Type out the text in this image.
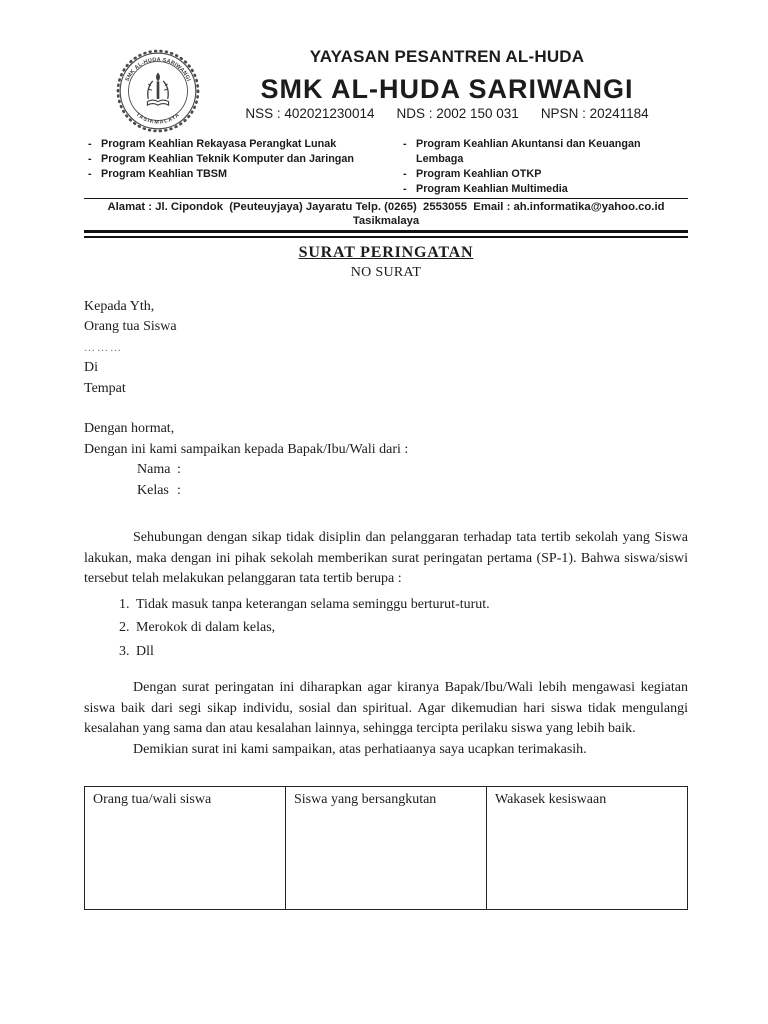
SMK AL-HUDA SARIWANGI
TASIKMALAYA
YAYASAN PESANTREN AL-HUDA
SMK AL-HUDA SARIWANGI
NSS : 402021230014 NDS : 2002 150 031 NPSN : 20241184
- Program Keahlian Rekayasa Perangkat Lunak
- Program Keahlian Teknik Komputer dan Jaringan
- Program Keahlian TBSM
- Program Keahlian Akuntansi dan Keuangan Lembaga
- Program Keahlian OTKP
- Program Keahlian Multimedia
Alamat : Jl. Cipondok  (Peuteuyjaya) Jayaratu Telp. (0265)  2553055  Email : ah.informatika@yahoo.co.id Tasikmalaya
SURAT PERINGATAN
NO SURAT
Kepada Yth,
Orang tua Siswa
………
Di
Tempat

Dengan hormat,

Dengan ini kami sampaikan kepada Bapak/Ibu/Wali dari :

Nama :
Kelas :

Sehubungan dengan sikap tidak disiplin dan pelanggaran terhadap tata tertib sekolah yang Siswa lakukan, maka dengan ini pihak sekolah memberikan surat peringatan pertama (SP-1). Bahwa siswa/siswi tersebut telah melakukan pelanggaran tata tertib berupa :

1. Tidak masuk tanpa keterangan selama seminggu berturut-turut.
2. Merokok di dalam kelas,
3. Dll

Dengan surat peringatan ini diharapkan agar kiranya Bapak/Ibu/Wali lebih mengawasi kegiatan siswa baik dari segi sikap individu, sosial dan spiritual. Agar dikemudian hari siswa tidak mengulangi kesalahan yang sama dan atau kesalahan lainnya, sehingga tercipta perilaku siswa yang lebih baik.

Demikian surat ini kami sampaikan, atas perhatiaanya saya ucapkan terimakasih.

Orang tua/wali siswa	Siswa yang bersangkutan	Wakasek kesiswaan
